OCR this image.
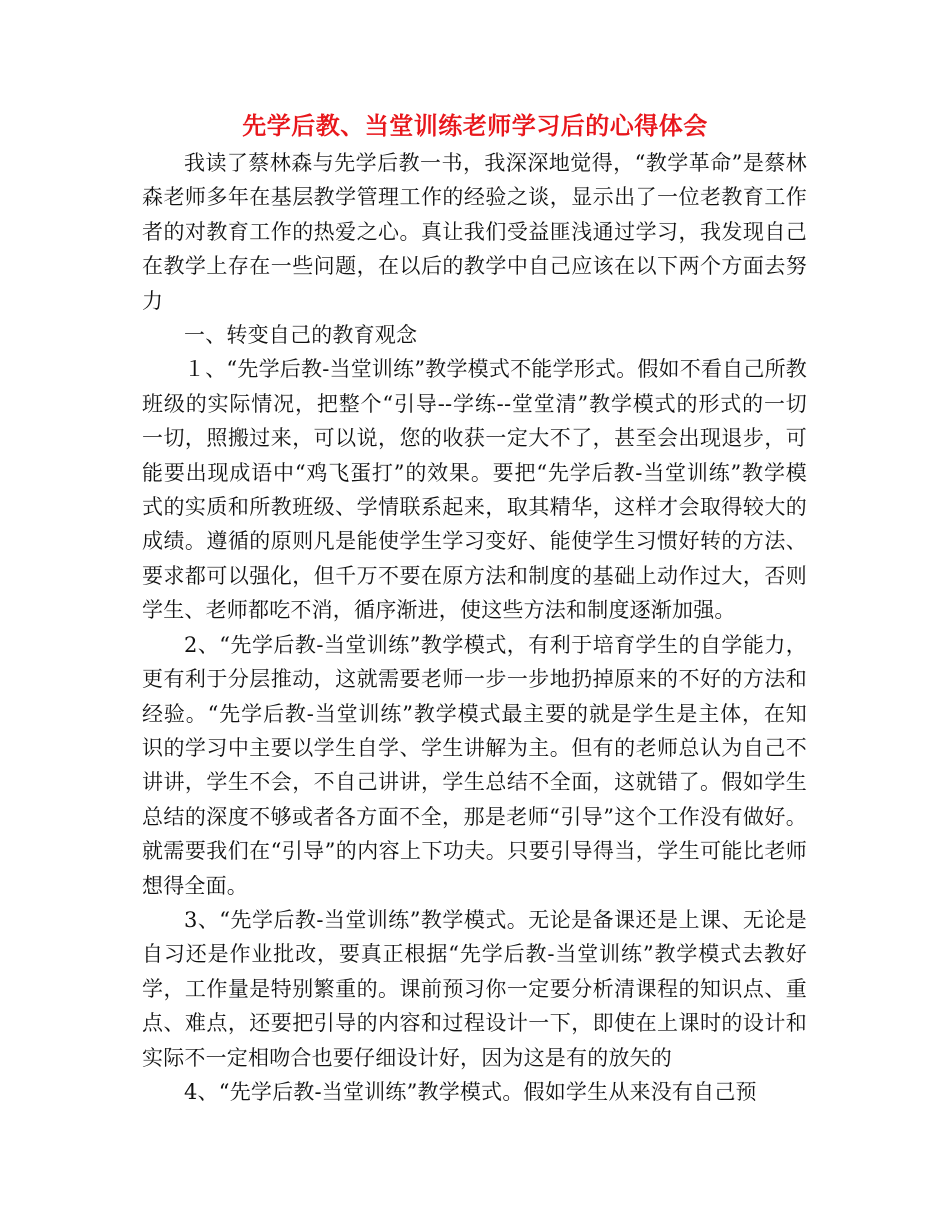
先学后教、当堂训练老师学习后的心得体会

我读了蔡林森与先学后教一书，我深深地觉得，“教学革命”是蔡林森老师多年在基层教学管理工作的经验之谈，显示出了一位老教育工作者的对教育工作的热爱之心。真让我们受益匪浅通过学习，我发现自己在教学上存在一些问题，在以后的教学中自己应该在以下两个方面去努力

一、转变自己的教育观念

１、“先学后教-当堂训练”教学模式不能学形式。假如不看自己所教班级的实际情况，把整个“引导--学练--堂堂清”教学模式的形式的一切一切，照搬过来，可以说，您的收获一定大不了，甚至会出现退步，可能要出现成语中“鸡飞蛋打”的效果。要把“先学后教-当堂训练”教学模式的实质和所教班级、学情联系起来，取其精华，这样才会取得较大的成绩。遵循的原则凡是能使学生学习变好、能使学生习惯好转的方法、要求都可以强化，但千万不要在原方法和制度的基础上动作过大，否则学生、老师都吃不消，循序渐进，使这些方法和制度逐渐加强。

2、“先学后教-当堂训练”教学模式，有利于培育学生的自学能力，更有利于分层推动，这就需要老师一步一步地扔掉原来的不好的方法和经验。“先学后教-当堂训练”教学模式最主要的就是学生是主体，在知识的学习中主要以学生自学、学生讲解为主。但有的老师总认为自己不讲讲，学生不会，不自己讲讲，学生总结不全面，这就错了。假如学生总结的深度不够或者各方面不全，那是老师“引导”这个工作没有做好。就需要我们在“引导”的内容上下功夫。只要引导得当，学生可能比老师想得全面。

3、“先学后教-当堂训练”教学模式。无论是备课还是上课、无论是自习还是作业批改，要真正根据“先学后教-当堂训练”教学模式去教好学，工作量是特别繁重的。课前预习你一定要分析清课程的知识点、重点、难点，还要把引导的内容和过程设计一下，即使在上课时的设计和实际不一定相吻合也要仔细设计好，因为这是有的放矢的

4、“先学后教-当堂训练”教学模式。假如学生从来没有自己预
